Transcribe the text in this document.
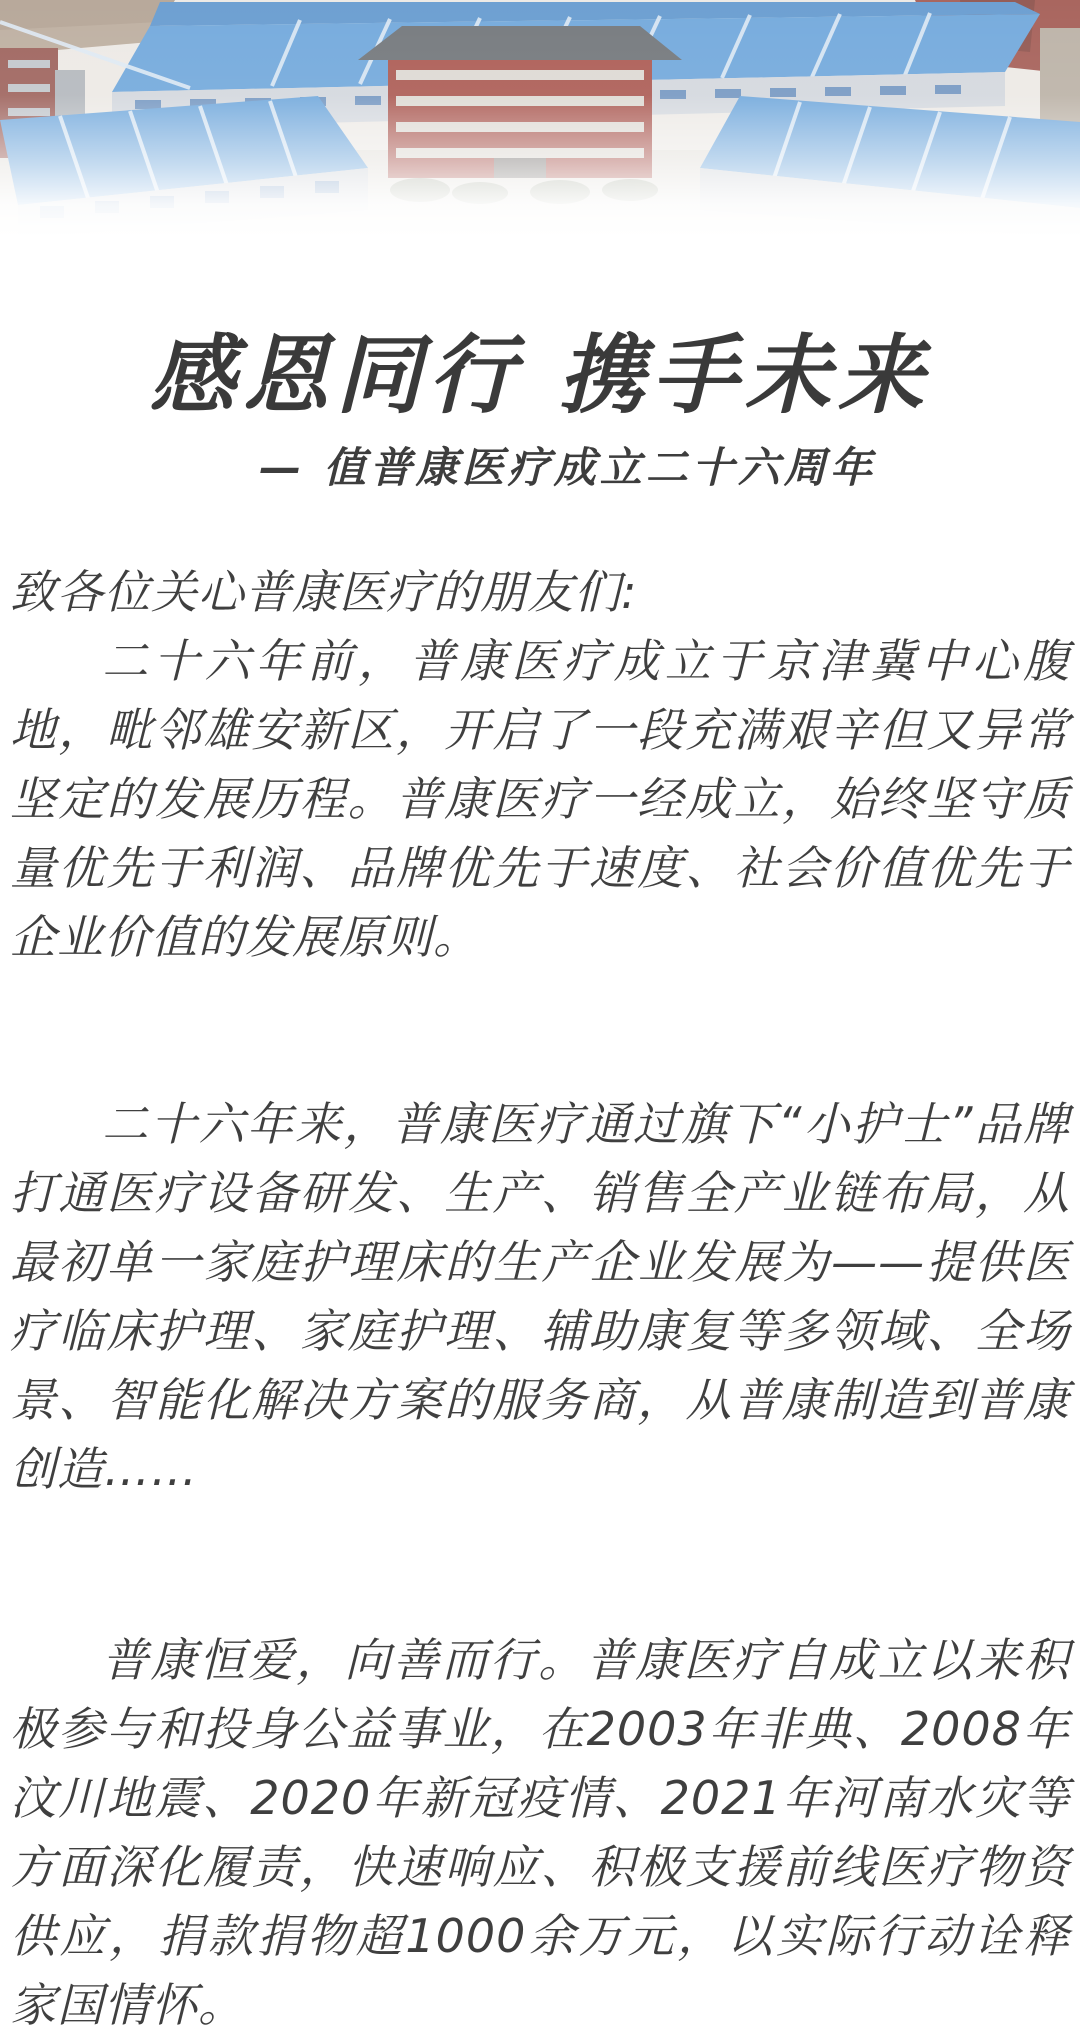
感恩同行 携手未来
— 值普康医疗成立二十六周年

致各位关心普康医疗的朋友们:

二十六年前，普康医疗成立于京津冀中心腹地，毗邻雄安新区，开启了一段充满艰辛但又异常坚定的发展历程。普康医疗一经成立，始终坚守质量优先于利润、品牌优先于速度、社会价值优先于企业价值的发展原则。

二十六年来，普康医疗通过旗下“小护士”品牌打通医疗设备研发、生产、销售全产业链布局，从最初单一家庭护理床的生产企业发展为——提供医疗临床护理、家庭护理、辅助康复等多领域、全场景、智能化解决方案的服务商，从普康制造到普康创造……

普康恒爱，向善而行。普康医疗自成立以来积极参与和投身公益事业，在2003年非典、2008年汶川地震、2020年新冠疫情、2021年河南水灾等方面深化履责，快速响应、积极支援前线医疗物资供应，捐款捐物超1000余万元，以实际行动诠释家国情怀。
